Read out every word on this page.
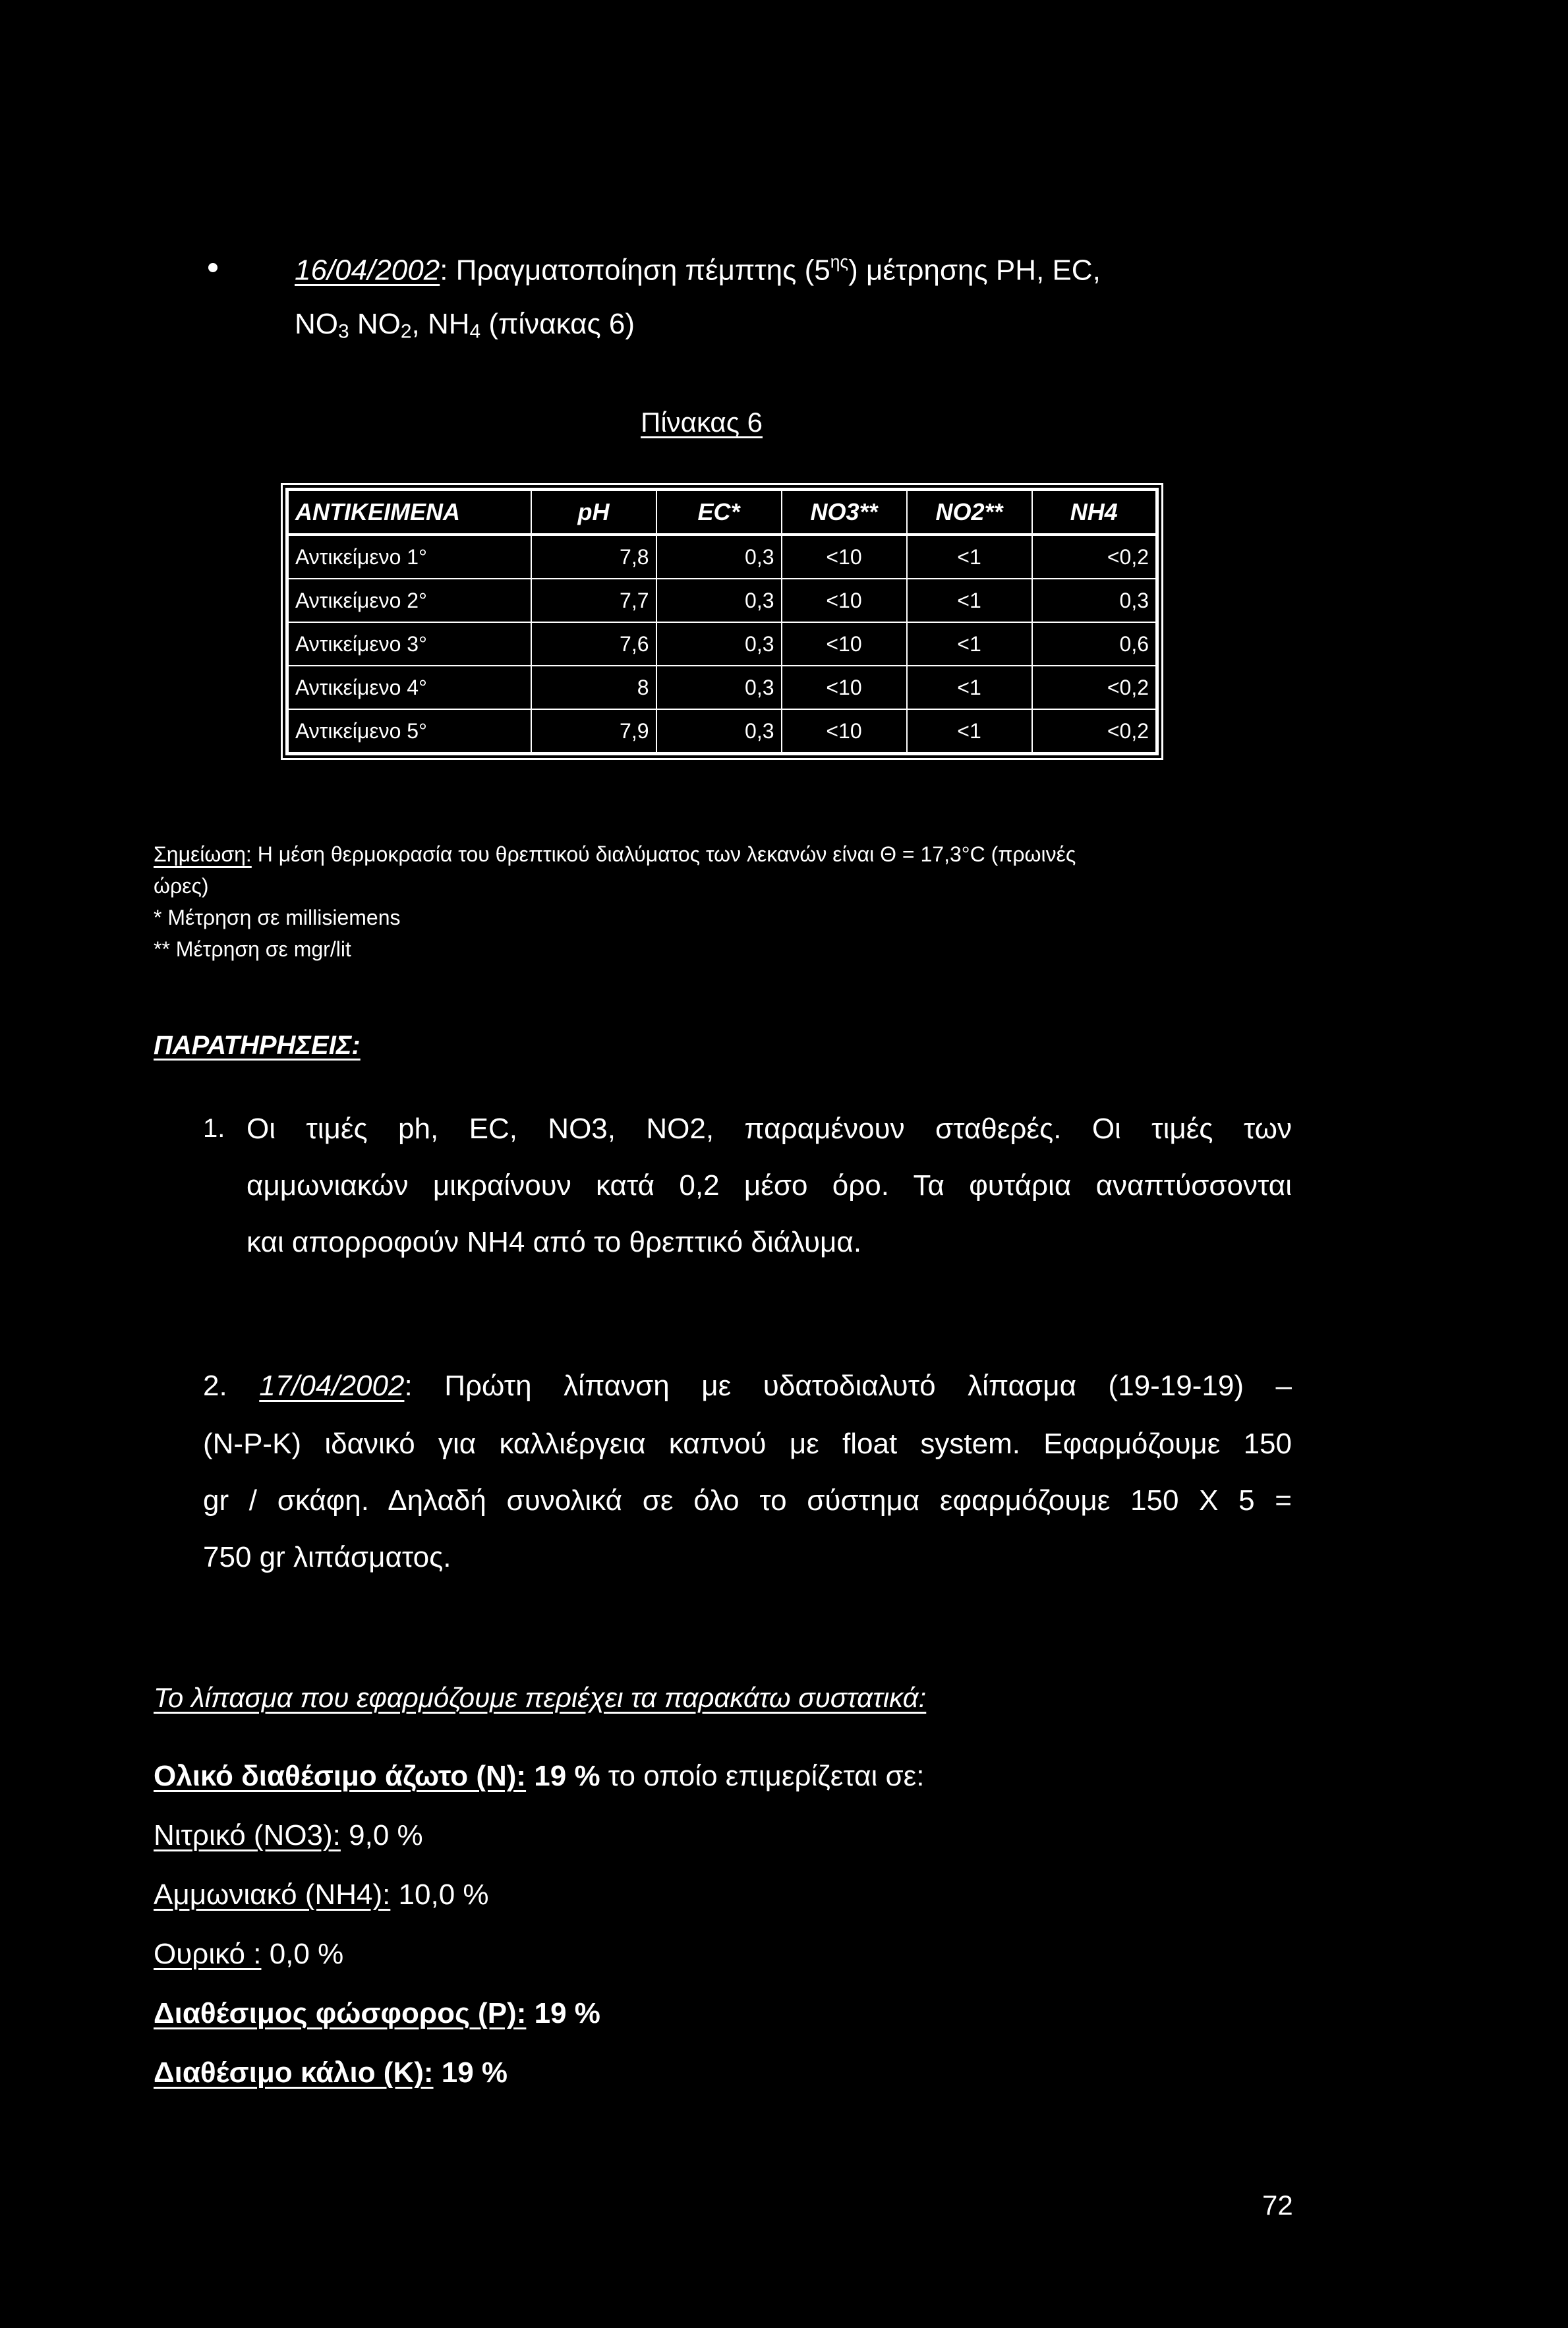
16/04/2002: Πραγματοποίηση πέμπτης $(5^{\eta\varsigma})$ μέτρησης PH, EC,
$NO_3$ $NO_2$, $NH_4$ (πίνακας 6)
Πίνακας 6
ΑΝΤΙΚΕΙΜΕΝΑ	pH	EC*	NO3**	NO2**	NH4
Αντικείμενο 1°	7,8	0,3	<10	<1	<0,2
Αντικείμενο 2°	7,7	0,3	<10	<1	0,3
Αντικείμενο 3°	7,6	0,3	<10	<1	0,6
Αντικείμενο 4°	8	0,3	<10	<1	<0,2
Αντικείμενο 5°	7,9	0,3	<10	<1	<0,2
Σημείωση: Η μέση θερμοκρασία του θρεπτικού διαλύματος των λεκανών είναι Θ = 17,3°C (πρωινές
ώρες)
* Μέτρηση σε millisiemens
** Μέτρηση σε mgr/lit
ΠΑΡΑΤΗΡΗΣΕΙΣ:
1. Οι τιμές ph, EC, NO3, NO2, παραμένουν σταθερές. Οι τιμές των
αμμωνιακών μικραίνουν κατά 0,2 μέσο όρο. Τα φυτάρια αναπτύσσονται
και απορροφούν NH4 από το θρεπτικό διάλυμα.
2. 17/04/2002: Πρώτη λίπανση με υδατοδιαλυτό λίπασμα (19-19-19) –
(N-P-K) ιδανικό για καλλιέργεια καπνού με float system. Εφαρμόζουμε 150
gr / σκάφη. Δηλαδή συνολικά σε όλο το σύστημα εφαρμόζουμε 150 Χ 5 =
750 gr λιπάσματος.
Το λίπασμα που εφαρμόζουμε περιέχει τα παρακάτω συστατικά:
Ολικό διαθέσιμο άζωτο (Ν): 19 % το οποίο επιμερίζεται σε:
Νιτρικό (ΝΟ3): 9,0 %
Αμμωνιακό (ΝΗ4): 10,0 %
Ουρικό : 0,0 %
Διαθέσιμος φώσφορος (Ρ): 19 %
Διαθέσιμο κάλιο (Κ): 19 %
72
